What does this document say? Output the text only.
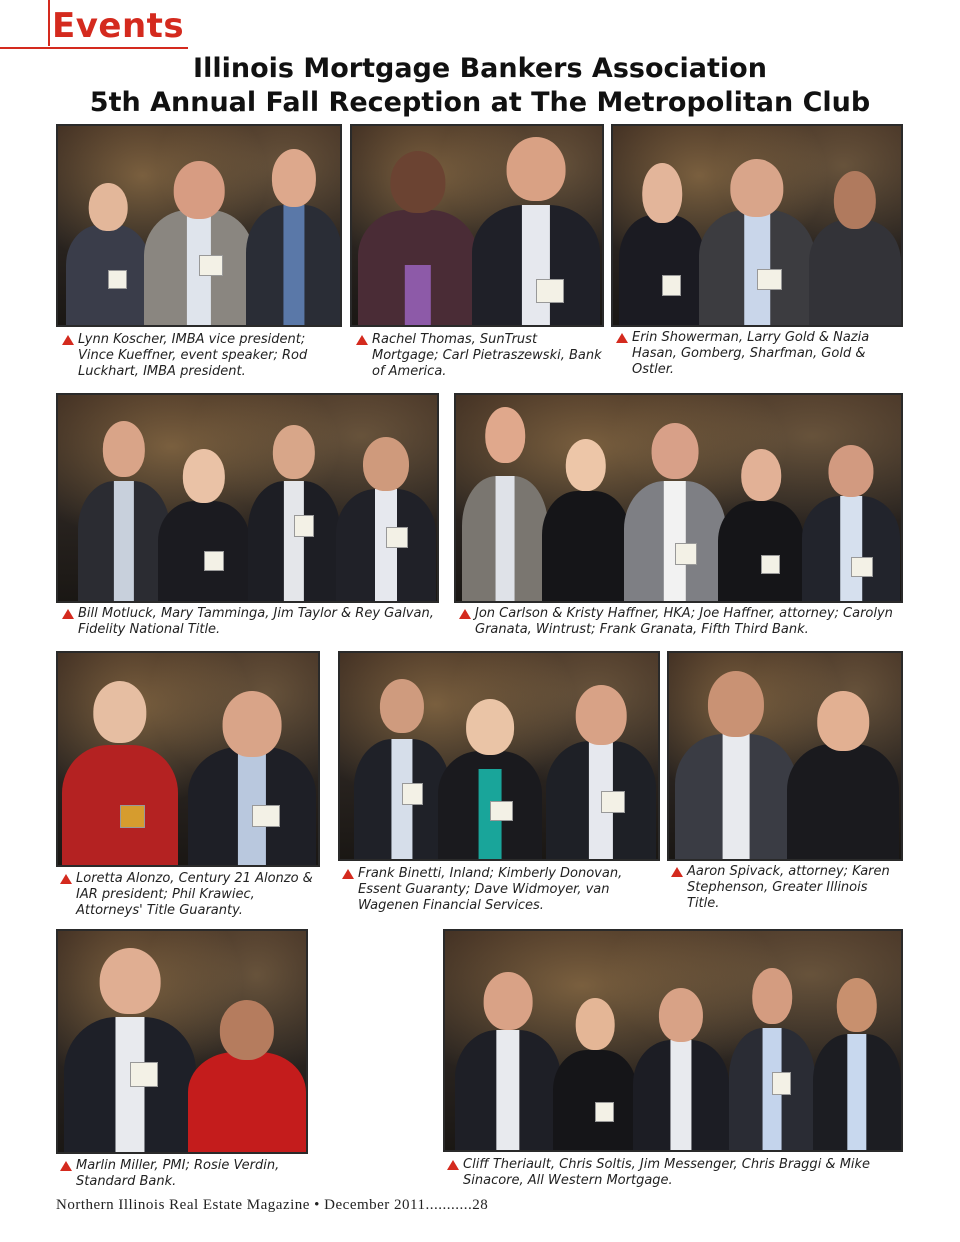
Events
Illinois Mortgage Bankers Association
5th Annual Fall Reception at The Metropolitan Club
Lynn Koscher, IMBA vice president; Vince Kueffner, event speaker; Rod Luckhart, IMBA president.
Rachel Thomas, SunTrust Mortgage; Carl Pietraszewski, Bank of America.
Erin Showerman, Larry Gold & Nazia Hasan, Gomberg, Sharfman, Gold & Ostler.
Bill Motluck, Mary Tamminga, Jim Taylor & Rey Galvan, Fidelity National Title.
Jon Carlson & Kristy Haffner, HKA; Joe Haffner, attorney; Carolyn Granata, Wintrust; Frank Granata, Fifth Third Bank.
Loretta Alonzo, Century 21 Alonzo & IAR president; Phil Krawiec, Attorneys' Title Guaranty.
Frank Binetti, Inland; Kimberly Donovan, Essent Guaranty; Dave Widmoyer, van Wagenen Financial Services.
Aaron Spivack, attorney; Karen Stephenson, Greater Illinois Title.
Marlin Miller, PMI; Rosie Verdin, Standard Bank.
Cliff Theriault, Chris Soltis, Jim Messenger, Chris Braggi & Mike Sinacore, All Western Mortgage.
Northern Illinois Real Estate Magazine • December 2011...........28
